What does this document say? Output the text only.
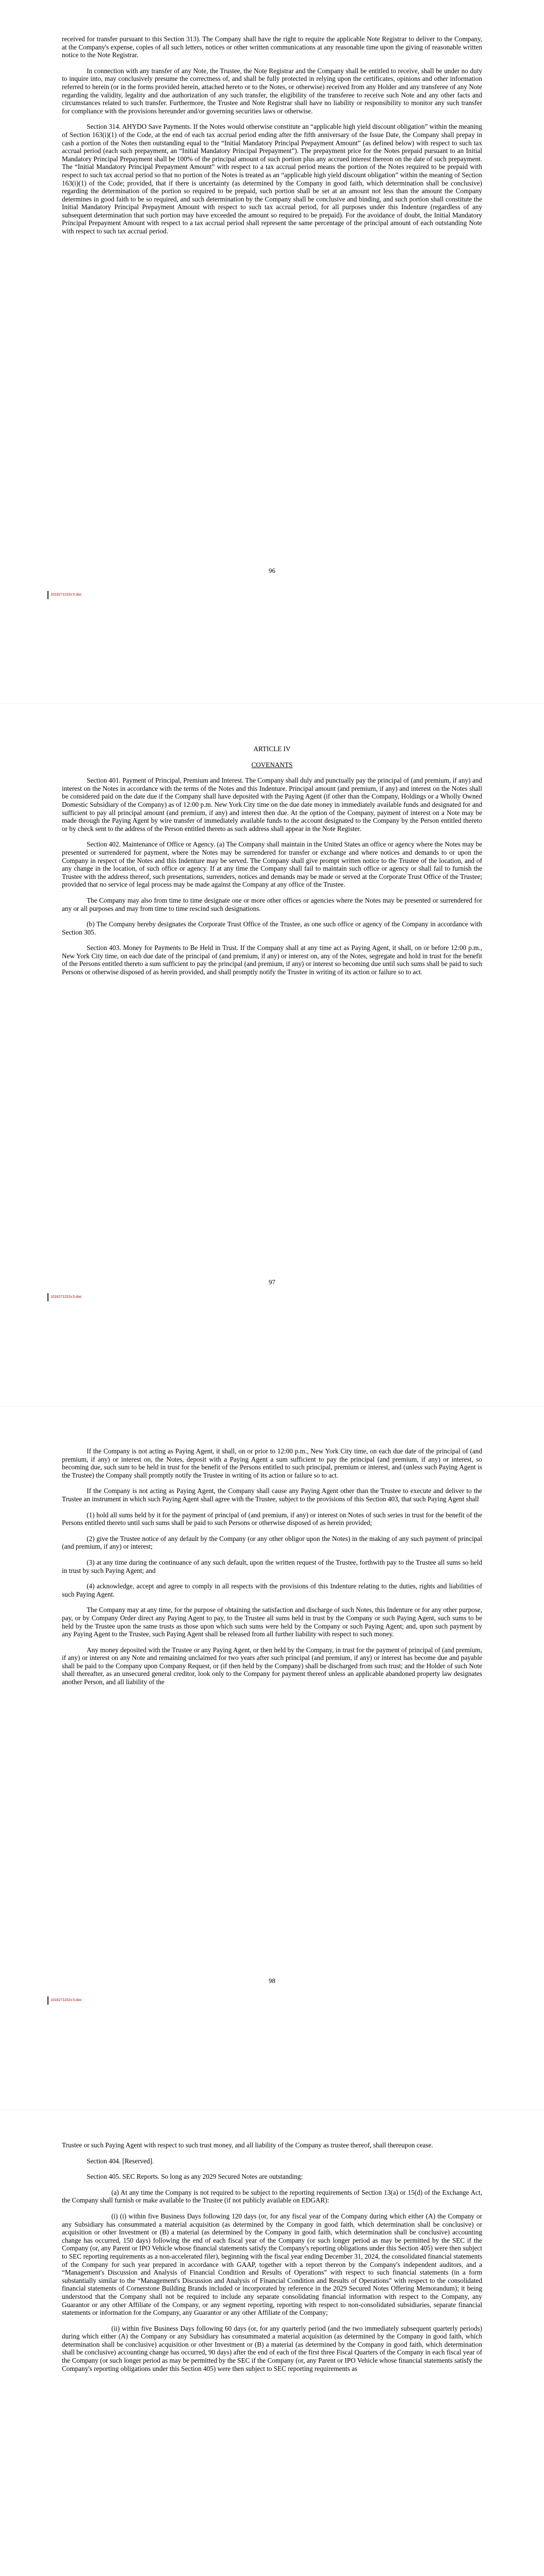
received for transfer pursuant to this Section 313). The Company shall have the right to require the applicable Note Registrar to deliver to the Company, at the Company's expense, copies of all such letters, notices or other written communications at any reasonable time upon the giving of reasonable written notice to the Note Registrar.

In connection with any transfer of any Note, the Trustee, the Note Registrar and the Company shall be entitled to receive, shall be under no duty to inquire into, may conclusively presume the correctness of, and shall be fully protected in relying upon the certificates, opinions and other information referred to herein (or in the forms provided herein, attached hereto or to the Notes, or otherwise) received from any Holder and any transferee of any Note regarding the validity, legality and due authorization of any such transfer, the eligibility of the transferee to receive such Note and any other facts and circumstances related to such transfer. Furthermore, the Trustee and Note Registrar shall have no liability or responsibility to monitor any such transfer for compliance with the provisions hereunder and/or governing securities laws or otherwise.

Section 314. AHYDO Save Payments. If the Notes would otherwise constitute an “applicable high yield discount obligation” within the meaning of Section 163(i)(1) of the Code, at the end of each tax accrual period ending after the fifth anniversary of the Issue Date, the Company shall prepay in cash a portion of the Notes then outstanding equal to the “Initial Mandatory Principal Prepayment Amount” (as defined below) with respect to such tax accrual period (each such prepayment, an “Initial Mandatory Principal Prepayment”). The prepayment price for the Notes prepaid pursuant to an Initial Mandatory Principal Prepayment shall be 100% of the principal amount of such portion plus any accrued interest thereon on the date of such prepayment. The “Initial Mandatory Principal Prepayment Amount” with respect to a tax accrual period means the portion of the Notes required to be prepaid with respect to such tax accrual period so that no portion of the Notes is treated as an “applicable high yield discount obligation” within the meaning of Section 163(i)(1) of the Code; provided, that if there is uncertainty (as determined by the Company in good faith, which determination shall be conclusive) regarding the determination of the portion so required to be prepaid, such portion shall be set at an amount not less than the amount the Company determines in good faith to be so required, and such determination by the Company shall be conclusive and binding, and such portion shall constitute the Initial Mandatory Principal Prepayment Amount with respect to such tax accrual period, for all purposes under this Indenture (regardless of any subsequent determination that such portion may have exceeded the amount so required to be prepaid). For the avoidance of doubt, the Initial Mandatory Principal Prepayment Amount with respect to a tax accrual period shall represent the same percentage of the principal amount of each outstanding Note with respect to such tax accrual period.

96
1016271152v.5.doc

ARTICLE IV

COVENANTS

Section 401. Payment of Principal, Premium and Interest. The Company shall duly and punctually pay the principal of (and premium, if any) and interest on the Notes in accordance with the terms of the Notes and this Indenture. Principal amount (and premium, if any) and interest on the Notes shall be considered paid on the date due if the Company shall have deposited with the Paying Agent (if other than the Company, Holdings or a Wholly Owned Domestic Subsidiary of the Company) as of 12:00 p.m. New York City time on the due date money in immediately available funds and designated for and sufficient to pay all principal amount (and premium, if any) and interest then due. At the option of the Company, payment of interest on a Note may be made through the Paying Agent by wire transfer of immediately available funds to the account designated to the Company by the Person entitled thereto or by check sent to the address of the Person entitled thereto as such address shall appear in the Note Register.

Section 402. Maintenance of Office or Agency. (a) The Company shall maintain in the United States an office or agency where the Notes may be presented or surrendered for payment, where the Notes may be surrendered for transfer or exchange and where notices and demands to or upon the Company in respect of the Notes and this Indenture may be served. The Company shall give prompt written notice to the Trustee of the location, and of any change in the location, of such office or agency. If at any time the Company shall fail to maintain such office or agency or shall fail to furnish the Trustee with the address thereof, such presentations, surrenders, notices and demands may be made or served at the Corporate Trust Office of the Trustee; provided that no service of legal process may be made against the Company at any office of the Trustee.

The Company may also from time to time designate one or more other offices or agencies where the Notes may be presented or surrendered for any or all purposes and may from time to time rescind such designations.

(b) The Company hereby designates the Corporate Trust Office of the Trustee, as one such office or agency of the Company in accordance with Section 305.

Section 403. Money for Payments to Be Held in Trust. If the Company shall at any time act as Paying Agent, it shall, on or before 12:00 p.m., New York City time, on each due date of the principal of (and premium, if any) or interest on, any of the Notes, segregate and hold in trust for the benefit of the Persons entitled thereto a sum sufficient to pay the principal (and premium, if any) or interest so becoming due until such sums shall be paid to such Persons or otherwise disposed of as herein provided, and shall promptly notify the Trustee in writing of its action or failure so to act.

97
1016271152v.5.doc

If the Company is not acting as Paying Agent, it shall, on or prior to 12:00 p.m., New York City time, on each due date of the principal of (and premium, if any) or interest on, the Notes, deposit with a Paying Agent a sum sufficient to pay the principal (and premium, if any) or interest, so becoming due, such sum to be held in trust for the benefit of the Persons entitled to such principal, premium or interest, and (unless such Paying Agent is the Trustee) the Company shall promptly notify the Trustee in writing of its action or failure so to act.

If the Company is not acting as Paying Agent, the Company shall cause any Paying Agent other than the Trustee to execute and deliver to the Trustee an instrument in which such Paying Agent shall agree with the Trustee, subject to the provisions of this Section 403, that such Paying Agent shall

(1) hold all sums held by it for the payment of principal of (and premium, if any) or interest on Notes of such series in trust for the benefit of the Persons entitled thereto until such sums shall be paid to such Persons or otherwise disposed of as herein provided;

(2) give the Trustee notice of any default by the Company (or any other obligor upon the Notes) in the making of any such payment of principal (and premium, if any) or interest;

(3) at any time during the continuance of any such default, upon the written request of the Trustee, forthwith pay to the Trustee all sums so held in trust by such Paying Agent; and

(4) acknowledge, accept and agree to comply in all respects with the provisions of this Indenture relating to the duties, rights and liabilities of such Paying Agent.

The Company may at any time, for the purpose of obtaining the satisfaction and discharge of such Notes, this Indenture or for any other purpose, pay, or by Company Order direct any Paying Agent to pay, to the Trustee all sums held in trust by the Company or such Paying Agent, such sums to be held by the Trustee upon the same trusts as those upon which such sums were held by the Company or such Paying Agent; and, upon such payment by any Paying Agent to the Trustee, such Paying Agent shall be released from all further liability with respect to such money.

Any money deposited with the Trustee or any Paying Agent, or then held by the Company, in trust for the payment of principal of (and premium, if any) or interest on any Note and remaining unclaimed for two years after such principal (and premium, if any) or interest has become due and payable shall be paid to the Company upon Company Request, or (if then held by the Company) shall be discharged from such trust; and the Holder of such Note shall thereafter, as an unsecured general creditor, look only to the Company for payment thereof unless an applicable abandoned property law designates another Person, and all liability of the

98
1016271152v.5.doc

Trustee or such Paying Agent with respect to such trust money, and all liability of the Company as trustee thereof, shall thereupon cease.

Section 404. [Reserved].

Section 405. SEC Reports. So long as any 2029 Secured Notes are outstanding:

(a) At any time the Company is not required to be subject to the reporting requirements of Section 13(a) or 15(d) of the Exchange Act, the Company shall furnish or make available to the Trustee (if not publicly available on EDGAR):

(i) (i) within five Business Days following 120 days (or, for any fiscal year of the Company during which either (A) the Company or any Subsidiary has consummated a material acquisition (as determined by the Company in good faith, which determination shall be conclusive) or acquisition or other Investment or (B) a material (as determined by the Company in good faith, which determination shall be conclusive) accounting change has occurred, 150 days) following the end of each fiscal year of the Company (or such longer period as may be permitted by the SEC if the Company (or, any Parent or IPO Vehicle whose financial statements satisfy the Company's reporting obligations under this Section 405) were then subject to SEC reporting requirements as a non-accelerated filer), beginning with the fiscal year ending December 31, 2024, the consolidated financial statements of the Company for such year prepared in accordance with GAAP, together with a report thereon by the Company's independent auditors, and a “Management's Discussion and Analysis of Financial Condition and Results of Operations” with respect to such financial statements (in a form substantially similar to the “Management's Discussion and Analysis of Financial Condition and Results of Operations” with respect to the consolidated financial statements of Cornerstone Building Brands included or incorporated by reference in the 2029 Secured Notes Offering Memorandum); it being understood that the Company shall not be required to include any separate consolidating financial information with respect to the Company, any Guarantor or any other Affiliate of the Company, or any segment reporting, reporting with respect to non-consolidated subsidiaries, separate financial statements or information for the Company, any Guarantor or any other Affiliate of the Company;

(ii) within five Business Days following 60 days (or, for any quarterly period (and the two immediately subsequent quarterly periods) during which either (A) the Company or any Subsidiary has consummated a material acquisition (as determined by the Company in good faith, which determination shall be conclusive) acquisition or other Investment or (B) a material (as determined by the Company in good faith, which determination shall be conclusive) accounting change has occurred, 90 days) after the end of each of the first three Fiscal Quarters of the Company in each fiscal year of the Company (or such longer period as may be permitted by the SEC if the Company (or, any Parent or IPO Vehicle whose financial statements satisfy the Company's reporting obligations under this Section 405) were then subject to SEC reporting requirements as
